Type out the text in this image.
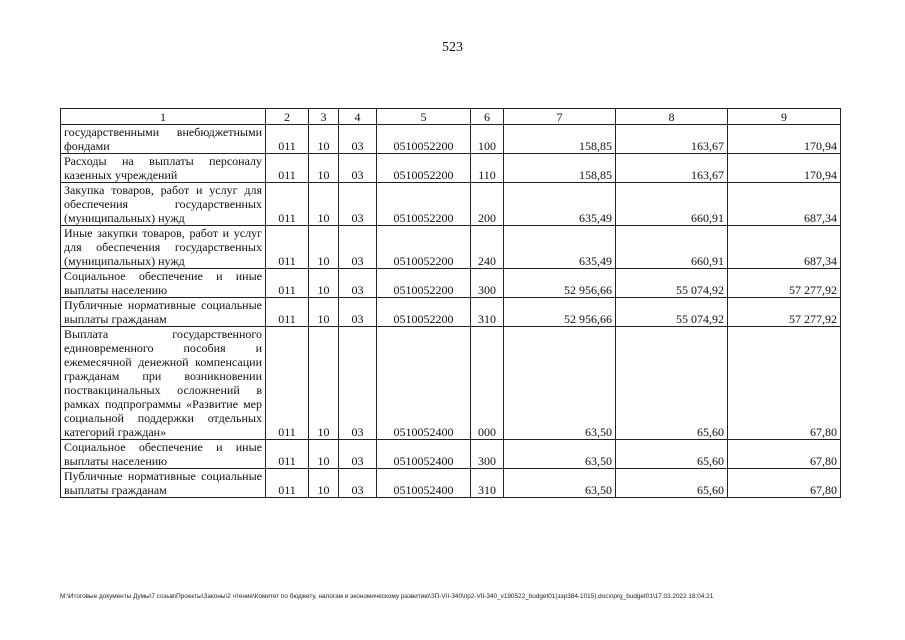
523
1	2	3	4	5	6	7	8	9
государственными внебюджетными фондами	011	10	03	0510052200	100	158,85	163,67	170,94
Расходы на выплаты персоналу казенных учреждений	011	10	03	0510052200	110	158,85	163,67	170,94
Закупка товаров, работ и услуг для обеспечения государственных (муниципальных) нужд	011	10	03	0510052200	200	635,49	660,91	687,34
Иные закупки товаров, работ и услуг для обеспечения государственных (муниципальных) нужд	011	10	03	0510052200	240	635,49	660,91	687,34
Социальное обеспечение и иные выплаты населению	011	10	03	0510052200	300	52 956,66	55 074,92	57 277,92
Публичные нормативные социальные выплаты гражданам	011	10	03	0510052200	310	52 956,66	55 074,92	57 277,92
Выплата государственного единовременного пособия и ежемесячной денежной компенсации гражданам при возникновении поствакцинальных осложнений в рамках подпрограммы «Развитие мер социальной поддержки отдельных категорий граждан»	011	10	03	0510052400	000	63,50	65,60	67,80
Социальное обеспечение и иные выплаты населению	011	10	03	0510052400	300	63,50	65,60	67,80
Публичные нормативные социальные выплаты гражданам	011	10	03	0510052400	310	63,50	65,60	67,80
M:\Итоговые документы Думы\7 созыв\Проекты\Законы\2 чтение\Комитет по бюджету, налогам и экономическому развитию\ЗП-VII-340\пр2-VII-340_v190522_budget01(зэр384-1015).docx\prg_budget01\17.03.2022 18:04:21
